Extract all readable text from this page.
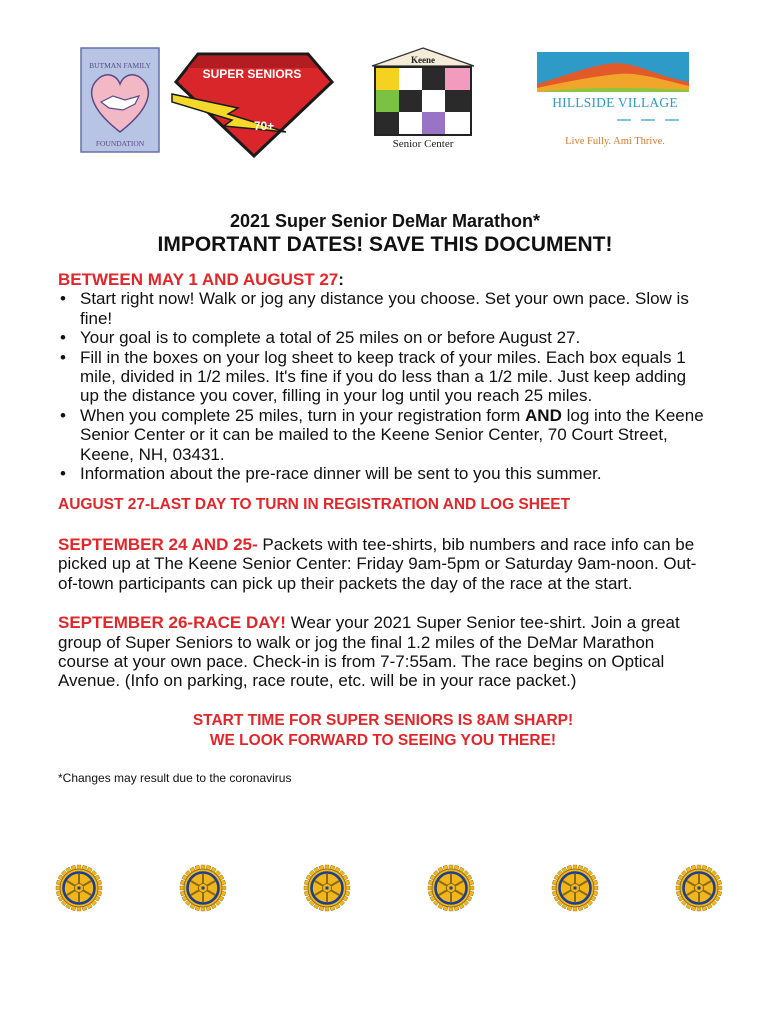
BUTMAN FAMILY
FOUNDATION
SUPER SENIORS
70+
Keene
Senior Center
HILLSIDE VILLAGE
Live Fully. Ami Thrive.
2021 Super Senior DeMar Marathon*
IMPORTANT DATES! SAVE THIS DOCUMENT!
BETWEEN MAY 1 AND AUGUST 27:
• Start right now! Walk or jog any distance you choose. Set your own pace. Slow is fine!
• Your goal is to complete a total of 25 miles on or before August 27.
• Fill in the boxes on your log sheet to keep track of your miles. Each box equals 1 mile, divided in 1/2 miles. It's fine if you do less than a 1/2 mile. Just keep adding up the distance you cover, filling in your log until you reach 25 miles.
• When you complete 25 miles, turn in your registration form AND log into the Keene Senior Center or it can be mailed to the Keene Senior Center, 70 Court Street, Keene, NH, 03431.
• Information about the pre-race dinner will be sent to you this summer.
AUGUST 27-LAST DAY TO TURN IN REGISTRATION AND LOG SHEET
SEPTEMBER 24 AND 25- Packets with tee-shirts, bib numbers and race info can be picked up at The Keene Senior Center: Friday 9am-5pm or Saturday 9am-noon. Out-of-town participants can pick up their packets the day of the race at the start.
SEPTEMBER 26-RACE DAY! Wear your 2021 Super Senior tee-shirt. Join a great group of Super Seniors to walk or jog the final 1.2 miles of the DeMar Marathon course at your own pace. Check-in is from 7-7:55am. The race begins on Optical Avenue. (Info on parking, race route, etc. will be in your race packet.)
START TIME FOR SUPER SENIORS IS 8AM SHARP!
WE LOOK FORWARD TO SEEING YOU THERE!
*Changes may result due to the coronavirus
